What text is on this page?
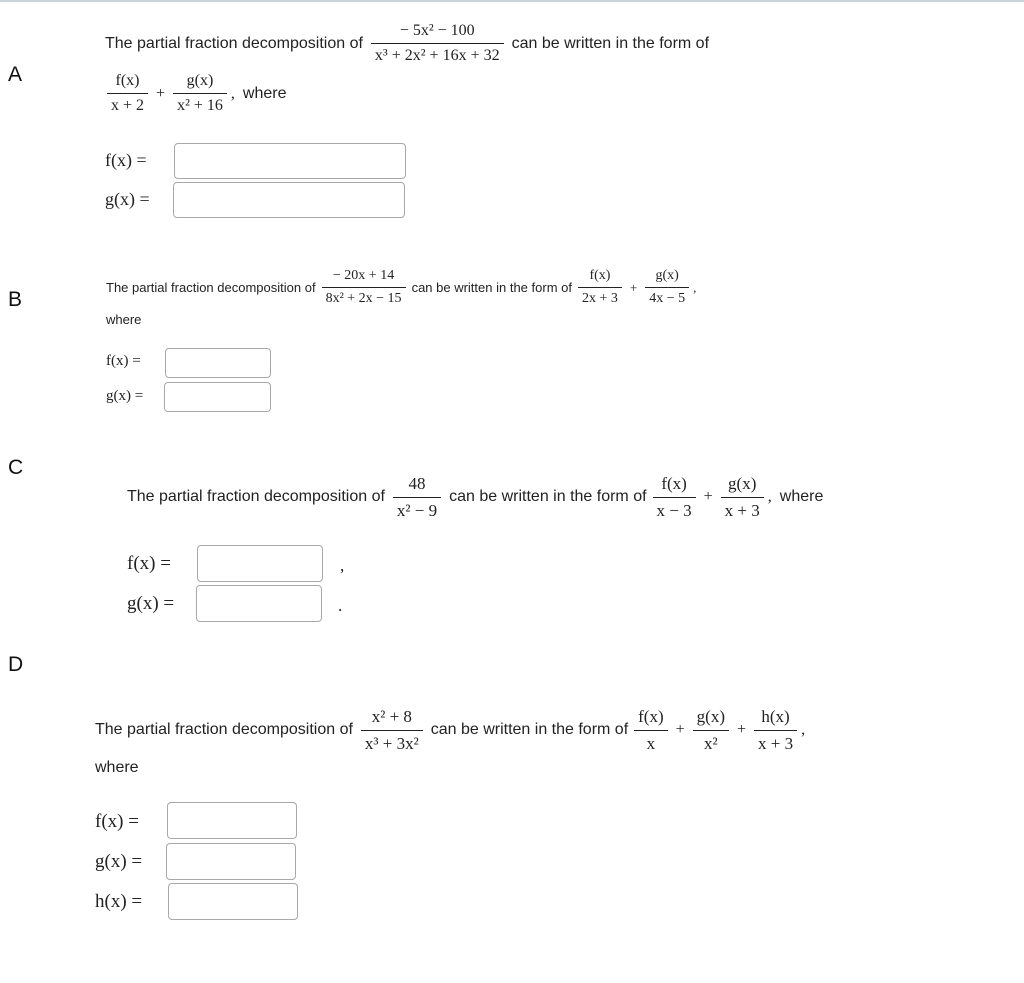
A
The partial fraction decomposition of $\frac{\text{− 5x² − 100}}{\text{x³ + 2x² + 16x + 32}}$ can be written in the form of
$\frac{f(x)}{x + 2} + \frac{g(x)}{\text{x² + 16}}$ , where
f(x) =
g(x) =
B
The partial fraction decomposition of $\frac{- 20x + 14}{\text{8x² + 2x − 15}}$ can be written in the form of $\frac{f(x)}{2x + 3} + \frac{g(x)}{4x - 5}$ ,
where
f(x) =
g(x) =
C
The partial fraction decomposition of $\frac{48}{\text{x² − 9}}$ can be written in the form of $\frac{f(x)}{x - 3} + \frac{g(x)}{x + 3}$ , where
f(x) =	,
g(x) =	.
D
The partial fraction decomposition of $\frac{\text{x² + 8}}{\text{x³ + 3x²}}$ can be written in the form of $\frac{f(x)}{x} + \frac{g(x)}{\text{x²}} + \frac{h(x)}{x + 3}$ ,
where
f(x) =
g(x) =
h(x) =
